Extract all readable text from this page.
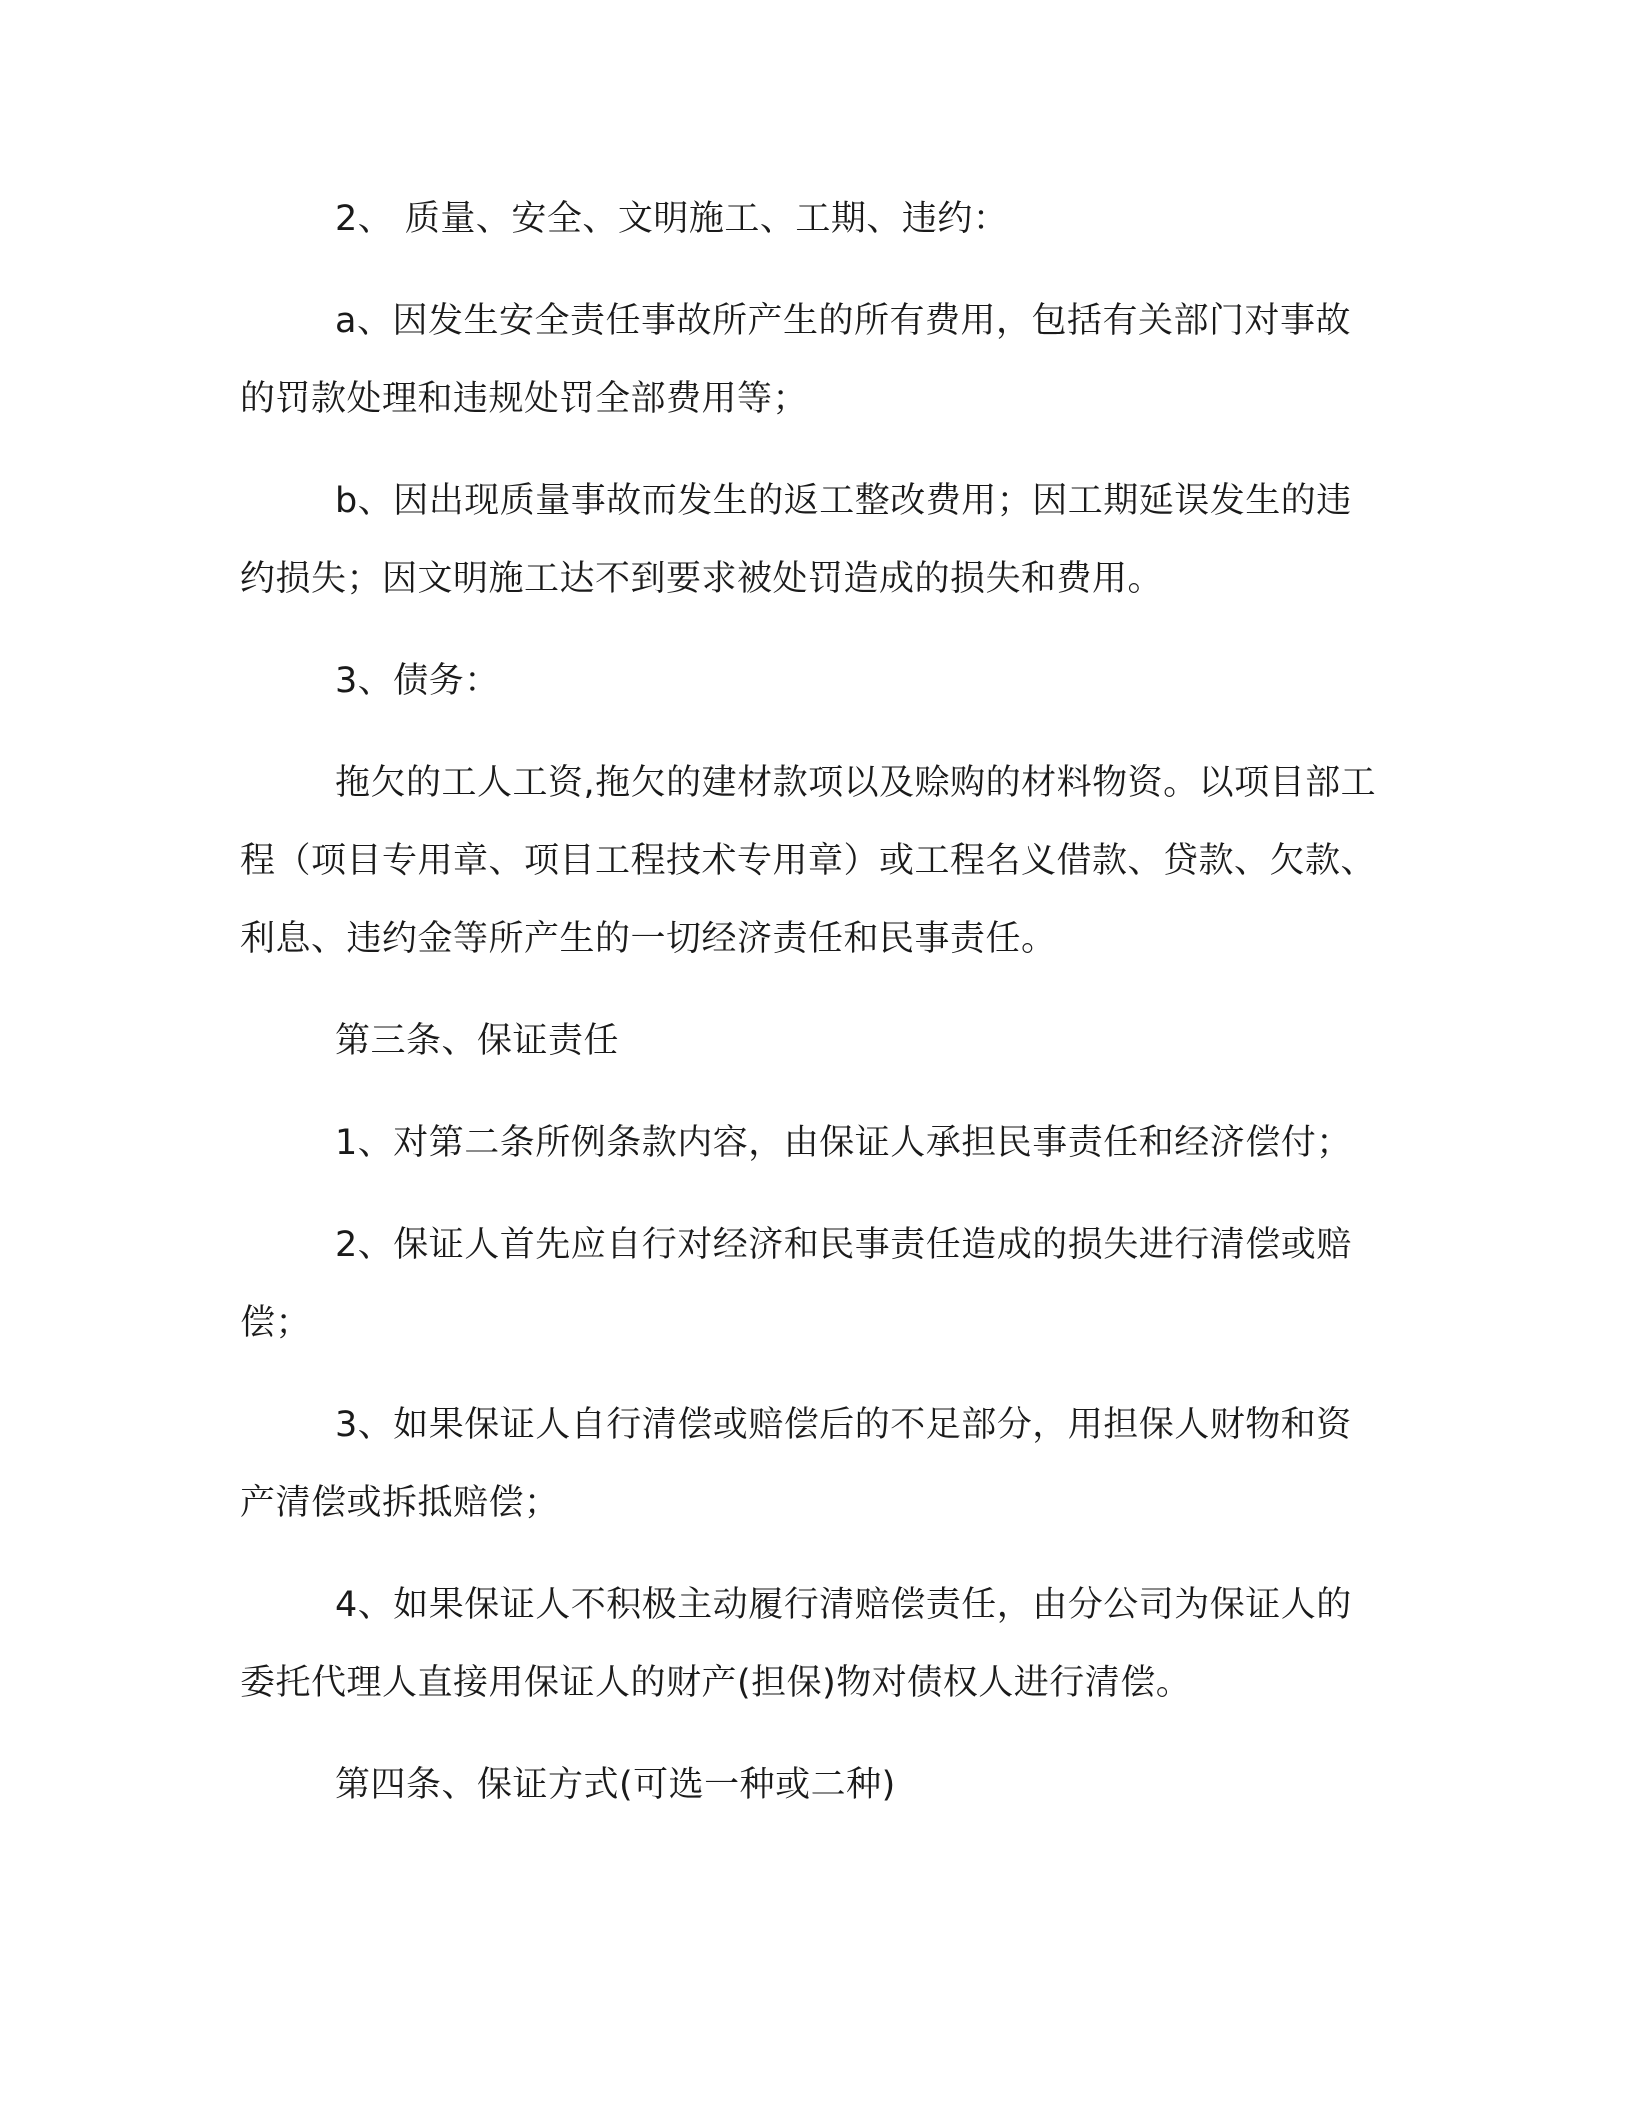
2、 质量、安全、文明施工、工期、违约：

a、因发生安全责任事故所产生的所有费用，包括有关部门对事故的罚款处理和违规处罚全部费用等；

b、因出现质量事故而发生的返工整改费用；因工期延误发生的违约损失；因文明施工达不到要求被处罚造成的损失和费用。

3、债务：

拖欠的工人工资,拖欠的建材款项以及赊购的材料物资。以项目部工程（项目专用章、项目工程技术专用章）或工程名义借款、贷款、欠款、利息、违约金等所产生的一切经济责任和民事责任。

第三条、保证责任

1、对第二条所例条款内容，由保证人承担民事责任和经济偿付；

2、保证人首先应自行对经济和民事责任造成的损失进行清偿或赔偿；

3、如果保证人自行清偿或赔偿后的不足部分，用担保人财物和资产清偿或拆抵赔偿；

4、如果保证人不积极主动履行清赔偿责任，由分公司为保证人的委托代理人直接用保证人的财产(担保)物对债权人进行清偿。

第四条、保证方式(可选一种或二种)
